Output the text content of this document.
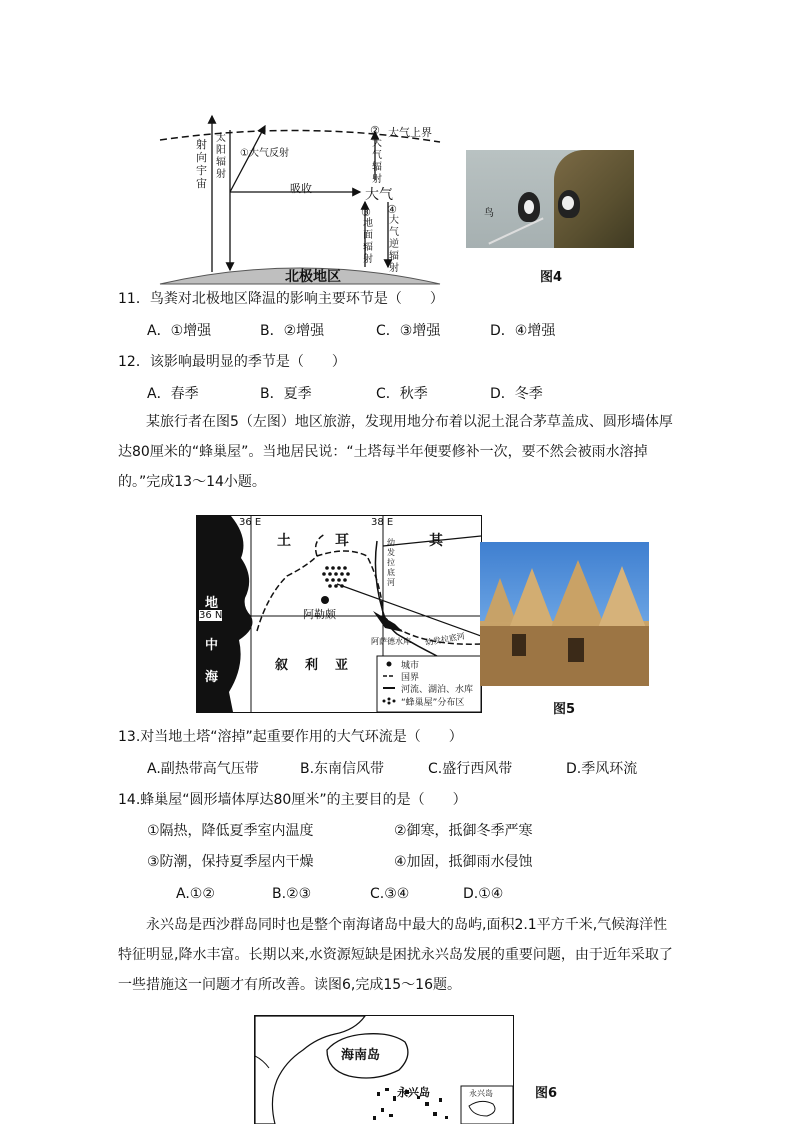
射向宇宙
太阳辐射
①大气反射
② 大气上界
大气辐射
吸收	大气
③
地面辐射
④
大气逆辐射
北极地区
鸟
图4
11．鸟粪对北极地区降温的影响主要环节是（　　）
A．①增强	B．②增强	C．③增强	D．④增强
12．该影响最明显的季节是（　　）
A．春季	B．夏季	C．秋季	D．冬季
某旅行者在图5（左图）地区旅游，发现用地分布着以泥土混合茅草盖成、圆形墙体厚达80厘米的“蜂巢屋”。当地居民说：“土塔每半年便要修补一次，要不然会被雨水溶掉的。”完成13～14小题。
36 E	38 E
36 N
土	耳	其
叙 利 亚
地
中
海
阿勒颇
阿萨德水库 幼发拉底河
幼发拉底河
城市
国界
河流、湖泊、水库
“蜂巢屋”分布区	图5
13.对当地土塔“溶掉”起重要作用的大气环流是（　　）
A.副热带高气压带	B.东南信风带	C.盛行西风带	D.季风环流
14.蜂巢屋“圆形墙体厚达80厘米”的主要目的是（　　）
①隔热，降低夏季室内温度	②御寒，抵御冬季严寒
③防潮，保持夏季屋内干燥	④加固，抵御雨水侵蚀
A.①②	B.②③	C.③④	D.①④
永兴岛是西沙群岛同时也是整个南海诸岛中最大的岛屿,面积2.1平方千米,气候海洋性特征明显,降水丰富。长期以来,水资源短缺是困扰永兴岛发展的重要问题，由于近年采取了一些措施这一问题才有所改善。读图6,完成15～16题。
海南岛
永兴岛	永兴岛	图6
